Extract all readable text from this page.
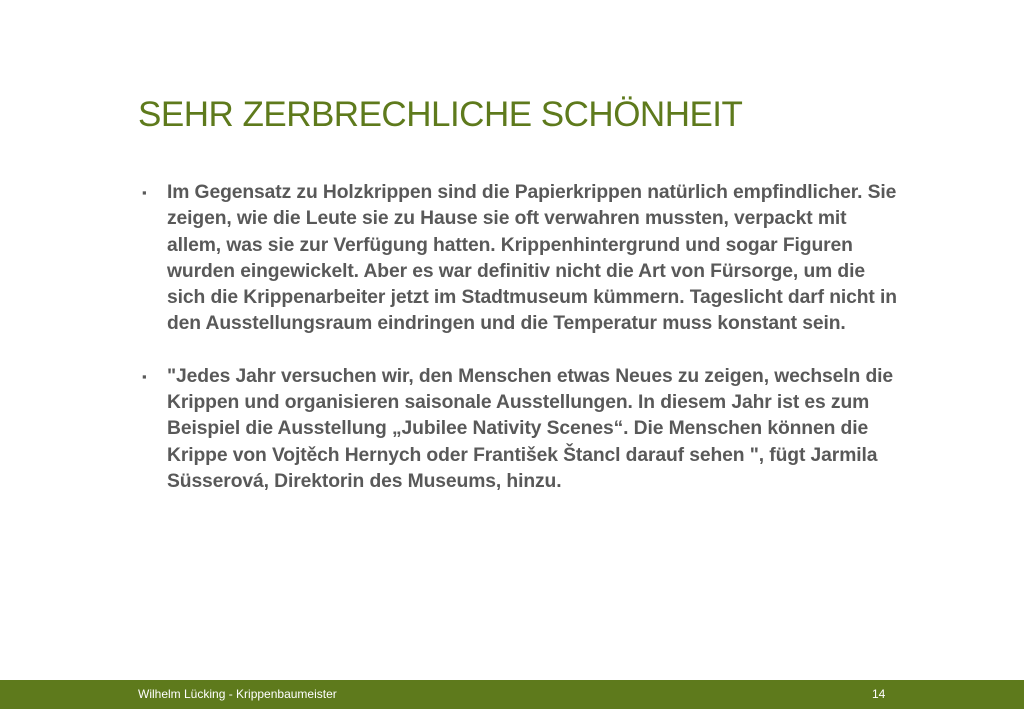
SEHR ZERBRECHLICHE SCHÖNHEIT
▪ Im Gegensatz zu Holzkrippen sind die Papierkrippen natürlich empfindlicher. Sie zeigen, wie die Leute sie zu Hause sie oft verwahren mussten, verpackt mit allem, was sie zur Verfügung hatten. Krippenhintergrund und sogar Figuren wurden eingewickelt. Aber es war definitiv nicht die Art von Fürsorge, um die sich die Krippenarbeiter jetzt im Stadtmuseum kümmern. Tageslicht darf nicht in den Ausstellungsraum eindringen und die Temperatur muss konstant sein.
▪ "Jedes Jahr versuchen wir, den Menschen etwas Neues zu zeigen, wechseln die Krippen und organisieren saisonale Ausstellungen. In diesem Jahr ist es zum Beispiel die Ausstellung „Jubilee Nativity Scenes“. Die Menschen können die Krippe von Vojtěch Hernych oder František Štancl darauf sehen ", fügt Jarmila Süsserová, Direktorin des Museums, hinzu.
Wilhelm Lücking - Krippenbaumeister	14
